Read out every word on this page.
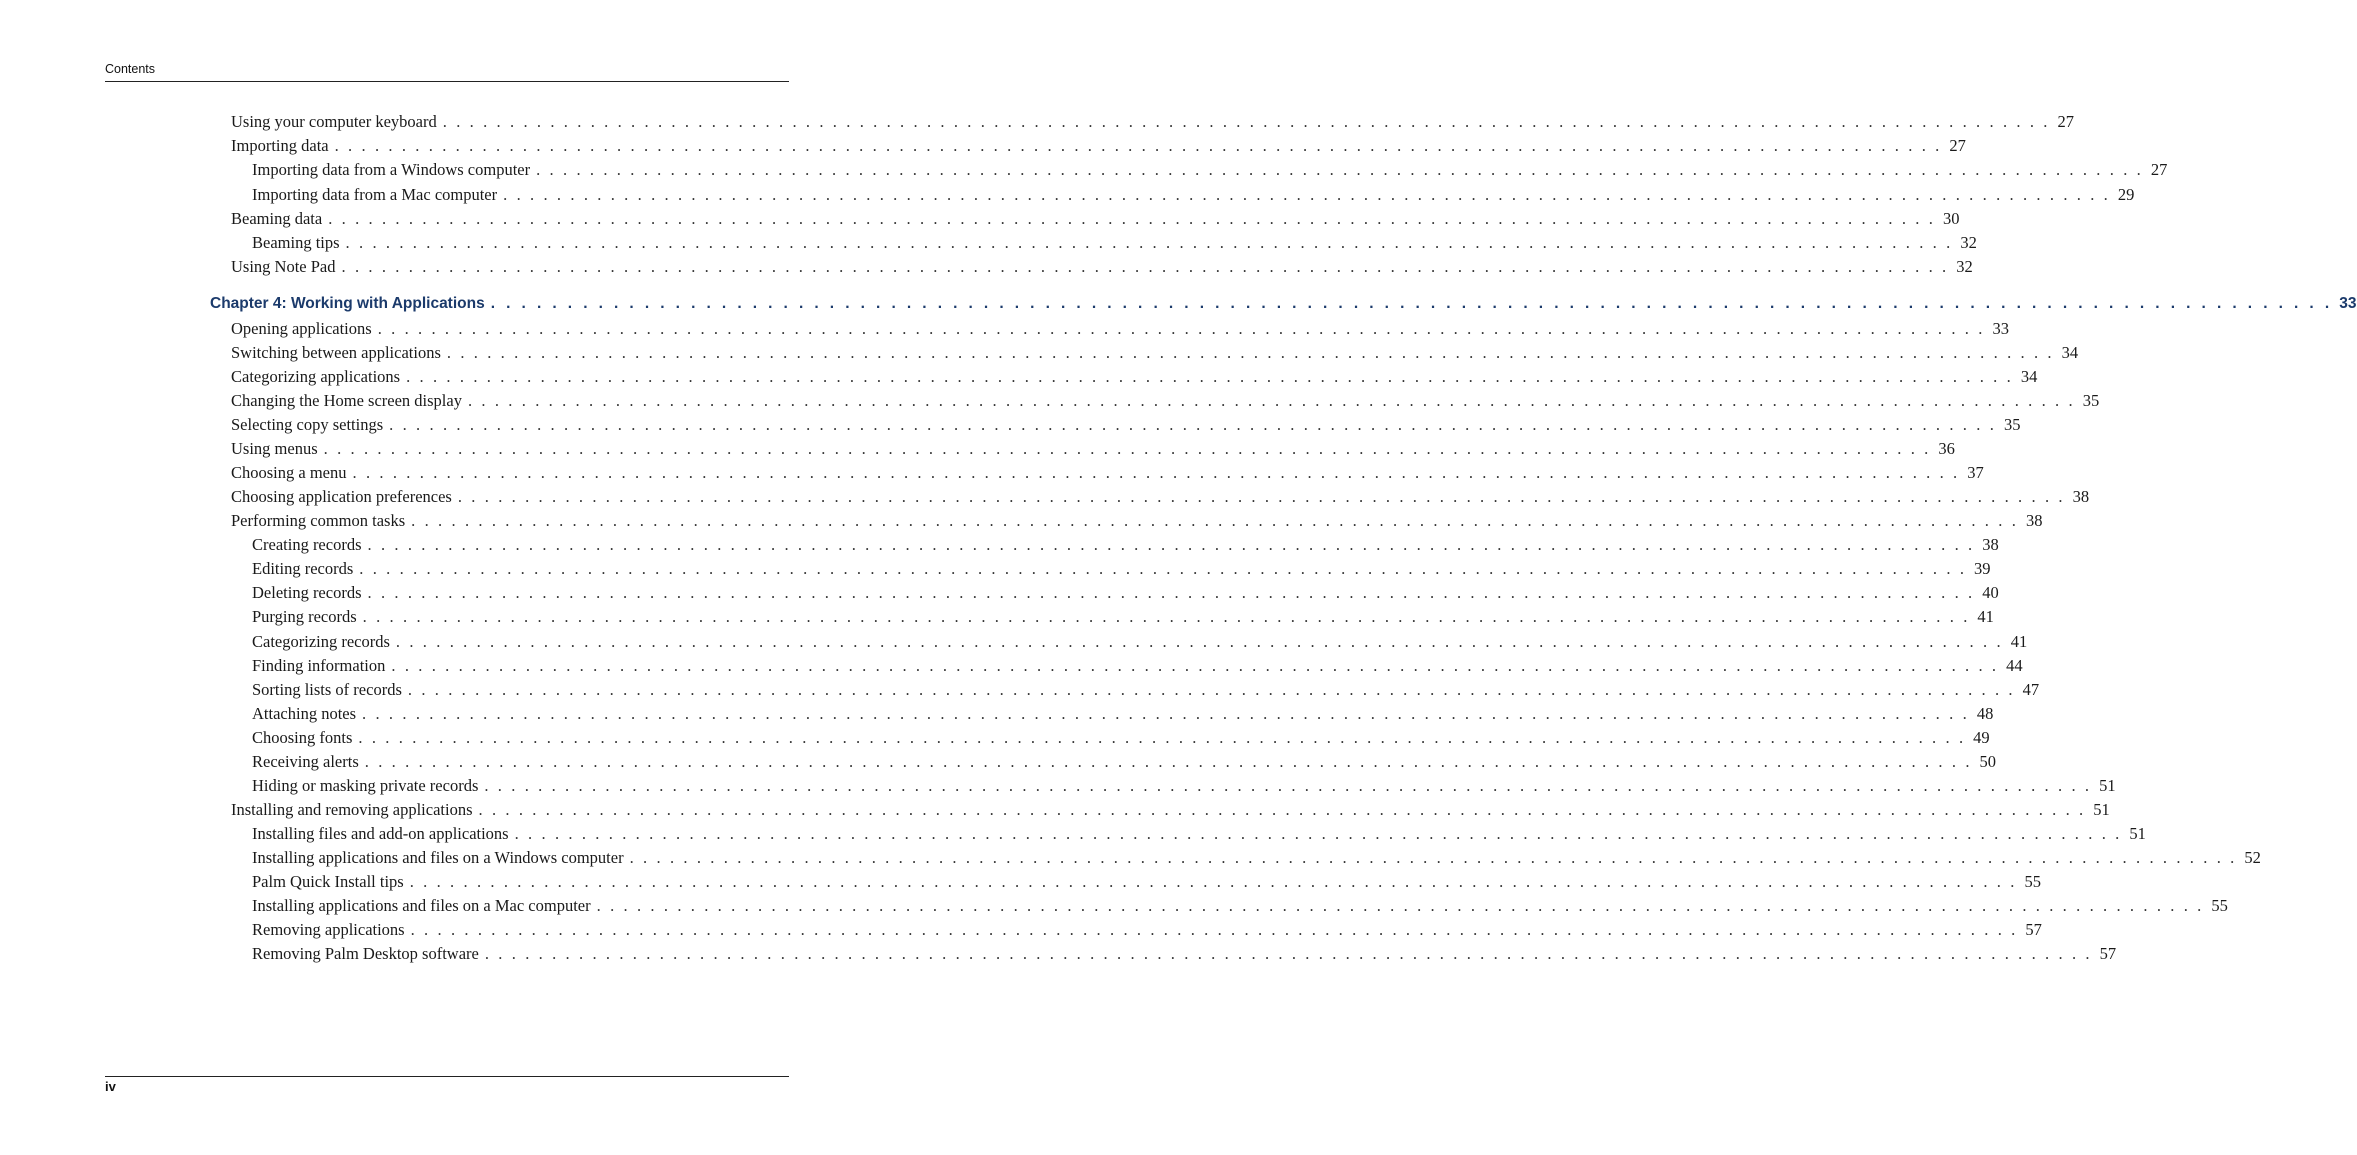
Contents
Using your computer keyboard . . . . . . . . . . . . . . . . . . . . . . . . . . . . . . . . . . . . . . . . . . . . . . . . . . . . . . . . . . . . . . . . . . . . . . . . . . . . . . . . . . . . . . . . . . . . . . . . . . . . . . . . . . . . . . . . . . . . . . . . 27
Importing data . . . . . . . . . . . . . . . . . . . . . . . . . . . . . . . . . . . . . . . . . . . . . . . . . . . . . . . . . . . . . . . . . . . . . . . . . . . . . . . . . . . . . . . . . . . . . . . . . . . . . . . . . . . . . . . . . . . . . . . . 27
Importing data from a Windows computer . . . . . . . . . . . . . . . . . . . . . . . . . . . . . . . . . . . . . . . . . . . . . . . . . . . . . . . . . . . . . . . . . . . . . . . . . . . . . . . . . . . . . . . . . . . . . . . . . . . . . . . . . . . . . . . . . . . . . . . . 27
Importing data from a Mac computer . . . . . . . . . . . . . . . . . . . . . . . . . . . . . . . . . . . . . . . . . . . . . . . . . . . . . . . . . . . . . . . . . . . . . . . . . . . . . . . . . . . . . . . . . . . . . . . . . . . . . . . . . . . . . . . . . . . . . . . . 29
Beaming data . . . . . . . . . . . . . . . . . . . . . . . . . . . . . . . . . . . . . . . . . . . . . . . . . . . . . . . . . . . . . . . . . . . . . . . . . . . . . . . . . . . . . . . . . . . . . . . . . . . . . . . . . . . . . . . . . . . . . . . . 30
Beaming tips . . . . . . . . . . . . . . . . . . . . . . . . . . . . . . . . . . . . . . . . . . . . . . . . . . . . . . . . . . . . . . . . . . . . . . . . . . . . . . . . . . . . . . . . . . . . . . . . . . . . . . . . . . . . . . . . . . . . . . . . 32
Using Note Pad . . . . . . . . . . . . . . . . . . . . . . . . . . . . . . . . . . . . . . . . . . . . . . . . . . . . . . . . . . . . . . . . . . . . . . . . . . . . . . . . . . . . . . . . . . . . . . . . . . . . . . . . . . . . . . . . . . . . . . . . 32
Chapter 4: Working with Applications . . . . . . . . . . . . . . . . . . . . . . . . . . . . . . . . . . . . . . . . . . . . . . . . . . . . . . . . . . . . . . . . . . . . . . . . . . . . . . . . . . . . . . . . . . . . . . . . . . . . . . . . . . . . . . . . . . . . . . . . 33
Opening applications . . . . . . . . . . . . . . . . . . . . . . . . . . . . . . . . . . . . . . . . . . . . . . . . . . . . . . . . . . . . . . . . . . . . . . . . . . . . . . . . . . . . . . . . . . . . . . . . . . . . . . . . . . . . . . . . . . . . . . . . 33
Switching between applications . . . . . . . . . . . . . . . . . . . . . . . . . . . . . . . . . . . . . . . . . . . . . . . . . . . . . . . . . . . . . . . . . . . . . . . . . . . . . . . . . . . . . . . . . . . . . . . . . . . . . . . . . . . . . . . . . . . . . . . . 34
Categorizing applications . . . . . . . . . . . . . . . . . . . . . . . . . . . . . . . . . . . . . . . . . . . . . . . . . . . . . . . . . . . . . . . . . . . . . . . . . . . . . . . . . . . . . . . . . . . . . . . . . . . . . . . . . . . . . . . . . . . . . . . . 34
Changing the Home screen display . . . . . . . . . . . . . . . . . . . . . . . . . . . . . . . . . . . . . . . . . . . . . . . . . . . . . . . . . . . . . . . . . . . . . . . . . . . . . . . . . . . . . . . . . . . . . . . . . . . . . . . . . . . . . . . . . . . . . . . . 35
Selecting copy settings . . . . . . . . . . . . . . . . . . . . . . . . . . . . . . . . . . . . . . . . . . . . . . . . . . . . . . . . . . . . . . . . . . . . . . . . . . . . . . . . . . . . . . . . . . . . . . . . . . . . . . . . . . . . . . . . . . . . . . . . 35
Using menus . . . . . . . . . . . . . . . . . . . . . . . . . . . . . . . . . . . . . . . . . . . . . . . . . . . . . . . . . . . . . . . . . . . . . . . . . . . . . . . . . . . . . . . . . . . . . . . . . . . . . . . . . . . . . . . . . . . . . . . . 36
Choosing a menu . . . . . . . . . . . . . . . . . . . . . . . . . . . . . . . . . . . . . . . . . . . . . . . . . . . . . . . . . . . . . . . . . . . . . . . . . . . . . . . . . . . . . . . . . . . . . . . . . . . . . . . . . . . . . . . . . . . . . . . . 37
Choosing application preferences . . . . . . . . . . . . . . . . . . . . . . . . . . . . . . . . . . . . . . . . . . . . . . . . . . . . . . . . . . . . . . . . . . . . . . . . . . . . . . . . . . . . . . . . . . . . . . . . . . . . . . . . . . . . . . . . . . . . . . . . 38
Performing common tasks . . . . . . . . . . . . . . . . . . . . . . . . . . . . . . . . . . . . . . . . . . . . . . . . . . . . . . . . . . . . . . . . . . . . . . . . . . . . . . . . . . . . . . . . . . . . . . . . . . . . . . . . . . . . . . . . . . . . . . . . 38
Creating records . . . . . . . . . . . . . . . . . . . . . . . . . . . . . . . . . . . . . . . . . . . . . . . . . . . . . . . . . . . . . . . . . . . . . . . . . . . . . . . . . . . . . . . . . . . . . . . . . . . . . . . . . . . . . . . . . . . . . . . . 38
Editing records . . . . . . . . . . . . . . . . . . . . . . . . . . . . . . . . . . . . . . . . . . . . . . . . . . . . . . . . . . . . . . . . . . . . . . . . . . . . . . . . . . . . . . . . . . . . . . . . . . . . . . . . . . . . . . . . . . . . . . . . 39
Deleting records . . . . . . . . . . . . . . . . . . . . . . . . . . . . . . . . . . . . . . . . . . . . . . . . . . . . . . . . . . . . . . . . . . . . . . . . . . . . . . . . . . . . . . . . . . . . . . . . . . . . . . . . . . . . . . . . . . . . . . . . 40
Purging records . . . . . . . . . . . . . . . . . . . . . . . . . . . . . . . . . . . . . . . . . . . . . . . . . . . . . . . . . . . . . . . . . . . . . . . . . . . . . . . . . . . . . . . . . . . . . . . . . . . . . . . . . . . . . . . . . . . . . . . . 41
Categorizing records . . . . . . . . . . . . . . . . . . . . . . . . . . . . . . . . . . . . . . . . . . . . . . . . . . . . . . . . . . . . . . . . . . . . . . . . . . . . . . . . . . . . . . . . . . . . . . . . . . . . . . . . . . . . . . . . . . . . . . . . 41
Finding information . . . . . . . . . . . . . . . . . . . . . . . . . . . . . . . . . . . . . . . . . . . . . . . . . . . . . . . . . . . . . . . . . . . . . . . . . . . . . . . . . . . . . . . . . . . . . . . . . . . . . . . . . . . . . . . . . . . . . . . . 44
Sorting lists of records . . . . . . . . . . . . . . . . . . . . . . . . . . . . . . . . . . . . . . . . . . . . . . . . . . . . . . . . . . . . . . . . . . . . . . . . . . . . . . . . . . . . . . . . . . . . . . . . . . . . . . . . . . . . . . . . . . . . . . . . 47
Attaching notes . . . . . . . . . . . . . . . . . . . . . . . . . . . . . . . . . . . . . . . . . . . . . . . . . . . . . . . . . . . . . . . . . . . . . . . . . . . . . . . . . . . . . . . . . . . . . . . . . . . . . . . . . . . . . . . . . . . . . . . . 48
Choosing fonts . . . . . . . . . . . . . . . . . . . . . . . . . . . . . . . . . . . . . . . . . . . . . . . . . . . . . . . . . . . . . . . . . . . . . . . . . . . . . . . . . . . . . . . . . . . . . . . . . . . . . . . . . . . . . . . . . . . . . . . . 49
Receiving alerts . . . . . . . . . . . . . . . . . . . . . . . . . . . . . . . . . . . . . . . . . . . . . . . . . . . . . . . . . . . . . . . . . . . . . . . . . . . . . . . . . . . . . . . . . . . . . . . . . . . . . . . . . . . . . . . . . . . . . . . . 50
Hiding or masking private records . . . . . . . . . . . . . . . . . . . . . . . . . . . . . . . . . . . . . . . . . . . . . . . . . . . . . . . . . . . . . . . . . . . . . . . . . . . . . . . . . . . . . . . . . . . . . . . . . . . . . . . . . . . . . . . . . . . . . . . . 51
Installing and removing applications . . . . . . . . . . . . . . . . . . . . . . . . . . . . . . . . . . . . . . . . . . . . . . . . . . . . . . . . . . . . . . . . . . . . . . . . . . . . . . . . . . . . . . . . . . . . . . . . . . . . . . . . . . . . . . . . . . . . . . . . 51
Installing files and add-on applications . . . . . . . . . . . . . . . . . . . . . . . . . . . . . . . . . . . . . . . . . . . . . . . . . . . . . . . . . . . . . . . . . . . . . . . . . . . . . . . . . . . . . . . . . . . . . . . . . . . . . . . . . . . . . . . . . . . . . . . . 51
Installing applications and files on a Windows computer . . . . . . . . . . . . . . . . . . . . . . . . . . . . . . . . . . . . . . . . . . . . . . . . . . . . . . . . . . . . . . . . . . . . . . . . . . . . . . . . . . . . . . . . . . . . . . . . . . . . . . . . . . . . . . . . . . . . . . . . 52
Palm Quick Install tips . . . . . . . . . . . . . . . . . . . . . . . . . . . . . . . . . . . . . . . . . . . . . . . . . . . . . . . . . . . . . . . . . . . . . . . . . . . . . . . . . . . . . . . . . . . . . . . . . . . . . . . . . . . . . . . . . . . . . . . . 55
Installing applications and files on a Mac computer . . . . . . . . . . . . . . . . . . . . . . . . . . . . . . . . . . . . . . . . . . . . . . . . . . . . . . . . . . . . . . . . . . . . . . . . . . . . . . . . . . . . . . . . . . . . . . . . . . . . . . . . . . . . . . . . . . . . . . . . 55
Removing applications . . . . . . . . . . . . . . . . . . . . . . . . . . . . . . . . . . . . . . . . . . . . . . . . . . . . . . . . . . . . . . . . . . . . . . . . . . . . . . . . . . . . . . . . . . . . . . . . . . . . . . . . . . . . . . . . . . . . . . . . 57
Removing Palm Desktop software . . . . . . . . . . . . . . . . . . . . . . . . . . . . . . . . . . . . . . . . . . . . . . . . . . . . . . . . . . . . . . . . . . . . . . . . . . . . . . . . . . . . . . . . . . . . . . . . . . . . . . . . . . . . . . . . . . . . . . . . 57
iv
